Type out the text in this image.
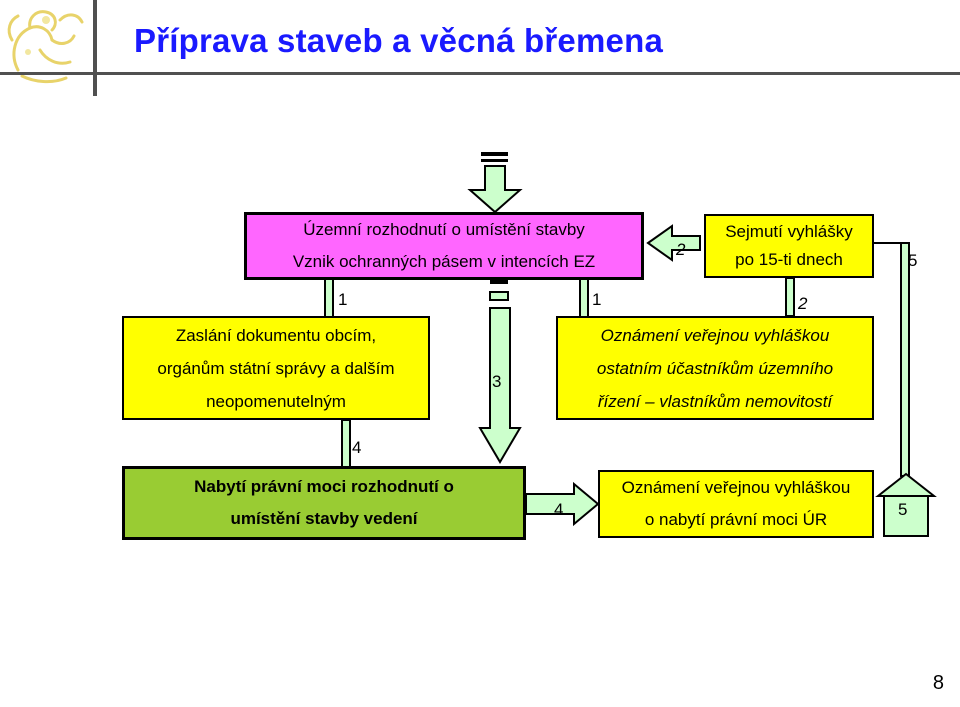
Příprava staveb a věcná břemena
Územní rozhodnutí o umístění stavby
Vznik ochranných pásem v intencích EZ
Zaslání dokumentu obcím,
orgánům státní správy a dalším
neopomenutelným
Oznámení veřejnou vyhláškou
ostatním účastníkům územního
řízení – vlastníkům nemovitostí
Sejmutí vyhlášky
po 15-ti dnech
Nabytí právní moci rozhodnutí o
umístění stavby vedení
Oznámení veřejnou vyhláškou
o nabytí právní moci ÚR
1	1
2
2
3
4
4
5
5
8
